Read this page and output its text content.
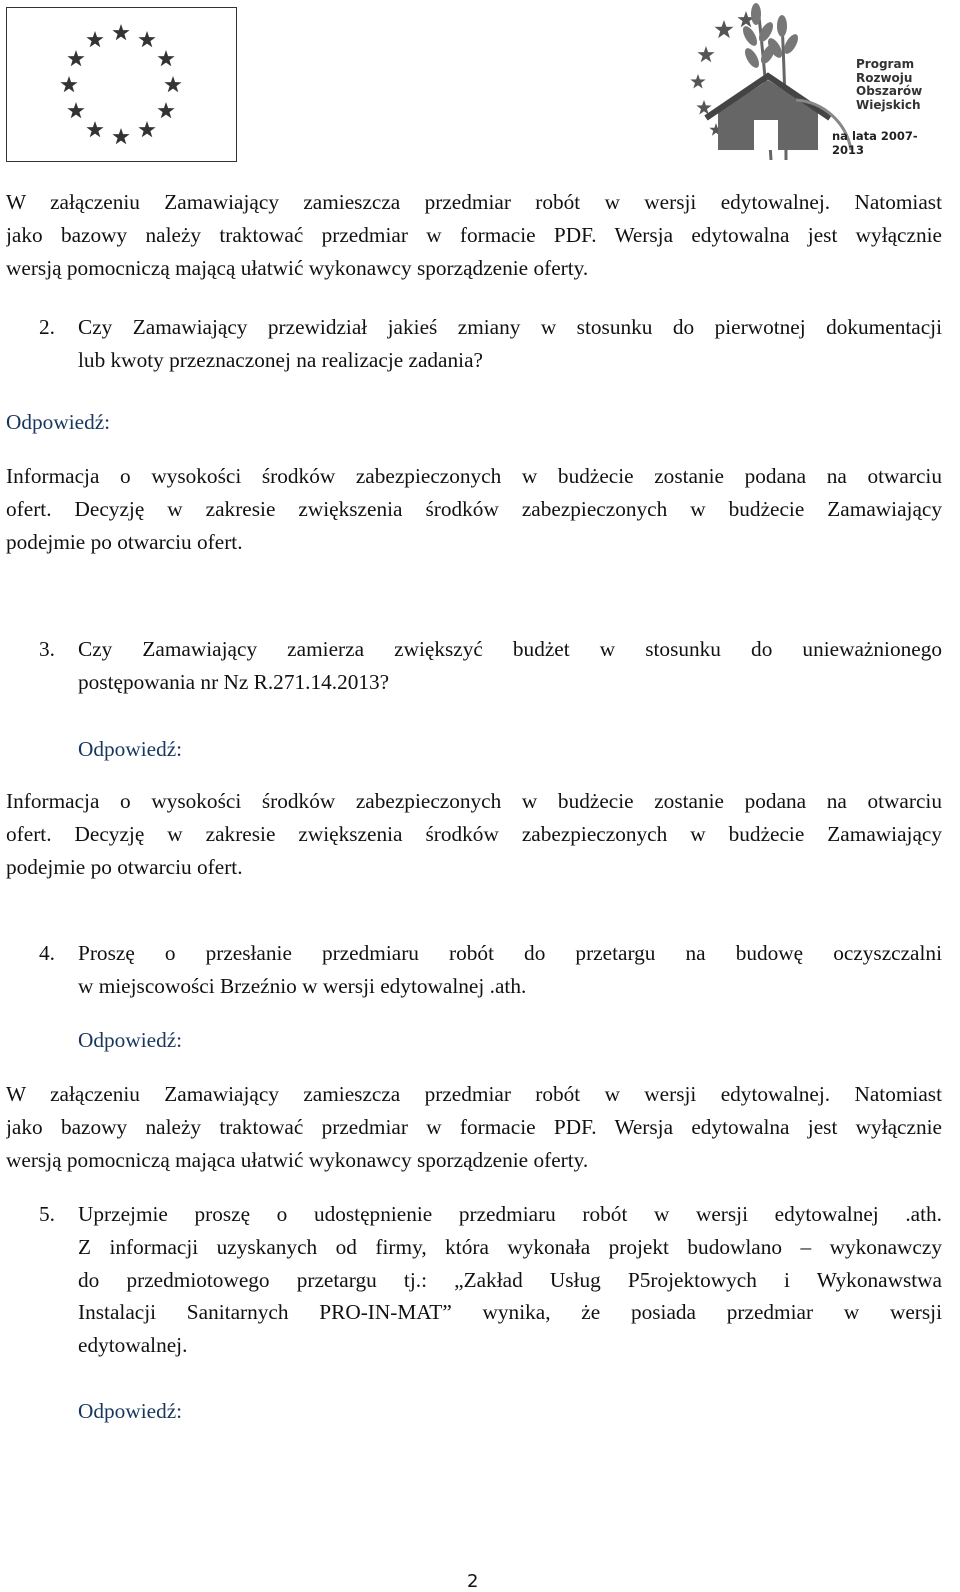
Program
Rozwoju
Obszarów
Wiejskich
na lata 2007-2013
W załączeniu Zamawiający zamieszcza przedmiar robót w wersji edytowalnej. Natomiast
jako bazowy należy traktować przedmiar w formacie PDF. Wersja edytowalna jest wyłącznie
wersją pomocniczą mającą ułatwić wykonawcy sporządzenie oferty.
2. Czy Zamawiający przewidział jakieś zmiany w stosunku do pierwotnej dokumentacji
lub kwoty przeznaczonej na realizacje zadania?
Odpowiedź:
Informacja o wysokości środków zabezpieczonych w budżecie zostanie podana na otwarciu
ofert. Decyzję w zakresie zwiększenia środków zabezpieczonych w budżecie Zamawiający
podejmie po otwarciu ofert.
3. Czy Zamawiający zamierza zwiększyć budżet w stosunku do unieważnionego
postępowania nr Nz R.271.14.2013?
Odpowiedź:
Informacja o wysokości środków zabezpieczonych w budżecie zostanie podana na otwarciu
ofert. Decyzję w zakresie zwiększenia środków zabezpieczonych w budżecie Zamawiający
podejmie po otwarciu ofert.
4. Proszę o przesłanie przedmiaru robót do przetargu na budowę oczyszczalni
w miejscowości Brzeźnio w wersji edytowalnej .ath.
Odpowiedź:
W załączeniu Zamawiający zamieszcza przedmiar robót w wersji edytowalnej. Natomiast
jako bazowy należy traktować przedmiar w formacie PDF. Wersja edytowalna jest wyłącznie
wersją pomocniczą mająca ułatwić wykonawcy sporządzenie oferty.
5. Uprzejmie proszę o udostępnienie przedmiaru robót w wersji edytowalnej .ath.
Z informacji uzyskanych od firmy, która wykonała projekt budowlano – wykonawczy
do przedmiotowego przetargu tj.: „Zakład Usług P5rojektowych i Wykonawstwa
Instalacji Sanitarnych PRO-IN-MAT” wynika, że posiada przedmiar w wersji
edytowalnej.
Odpowiedź:
2
